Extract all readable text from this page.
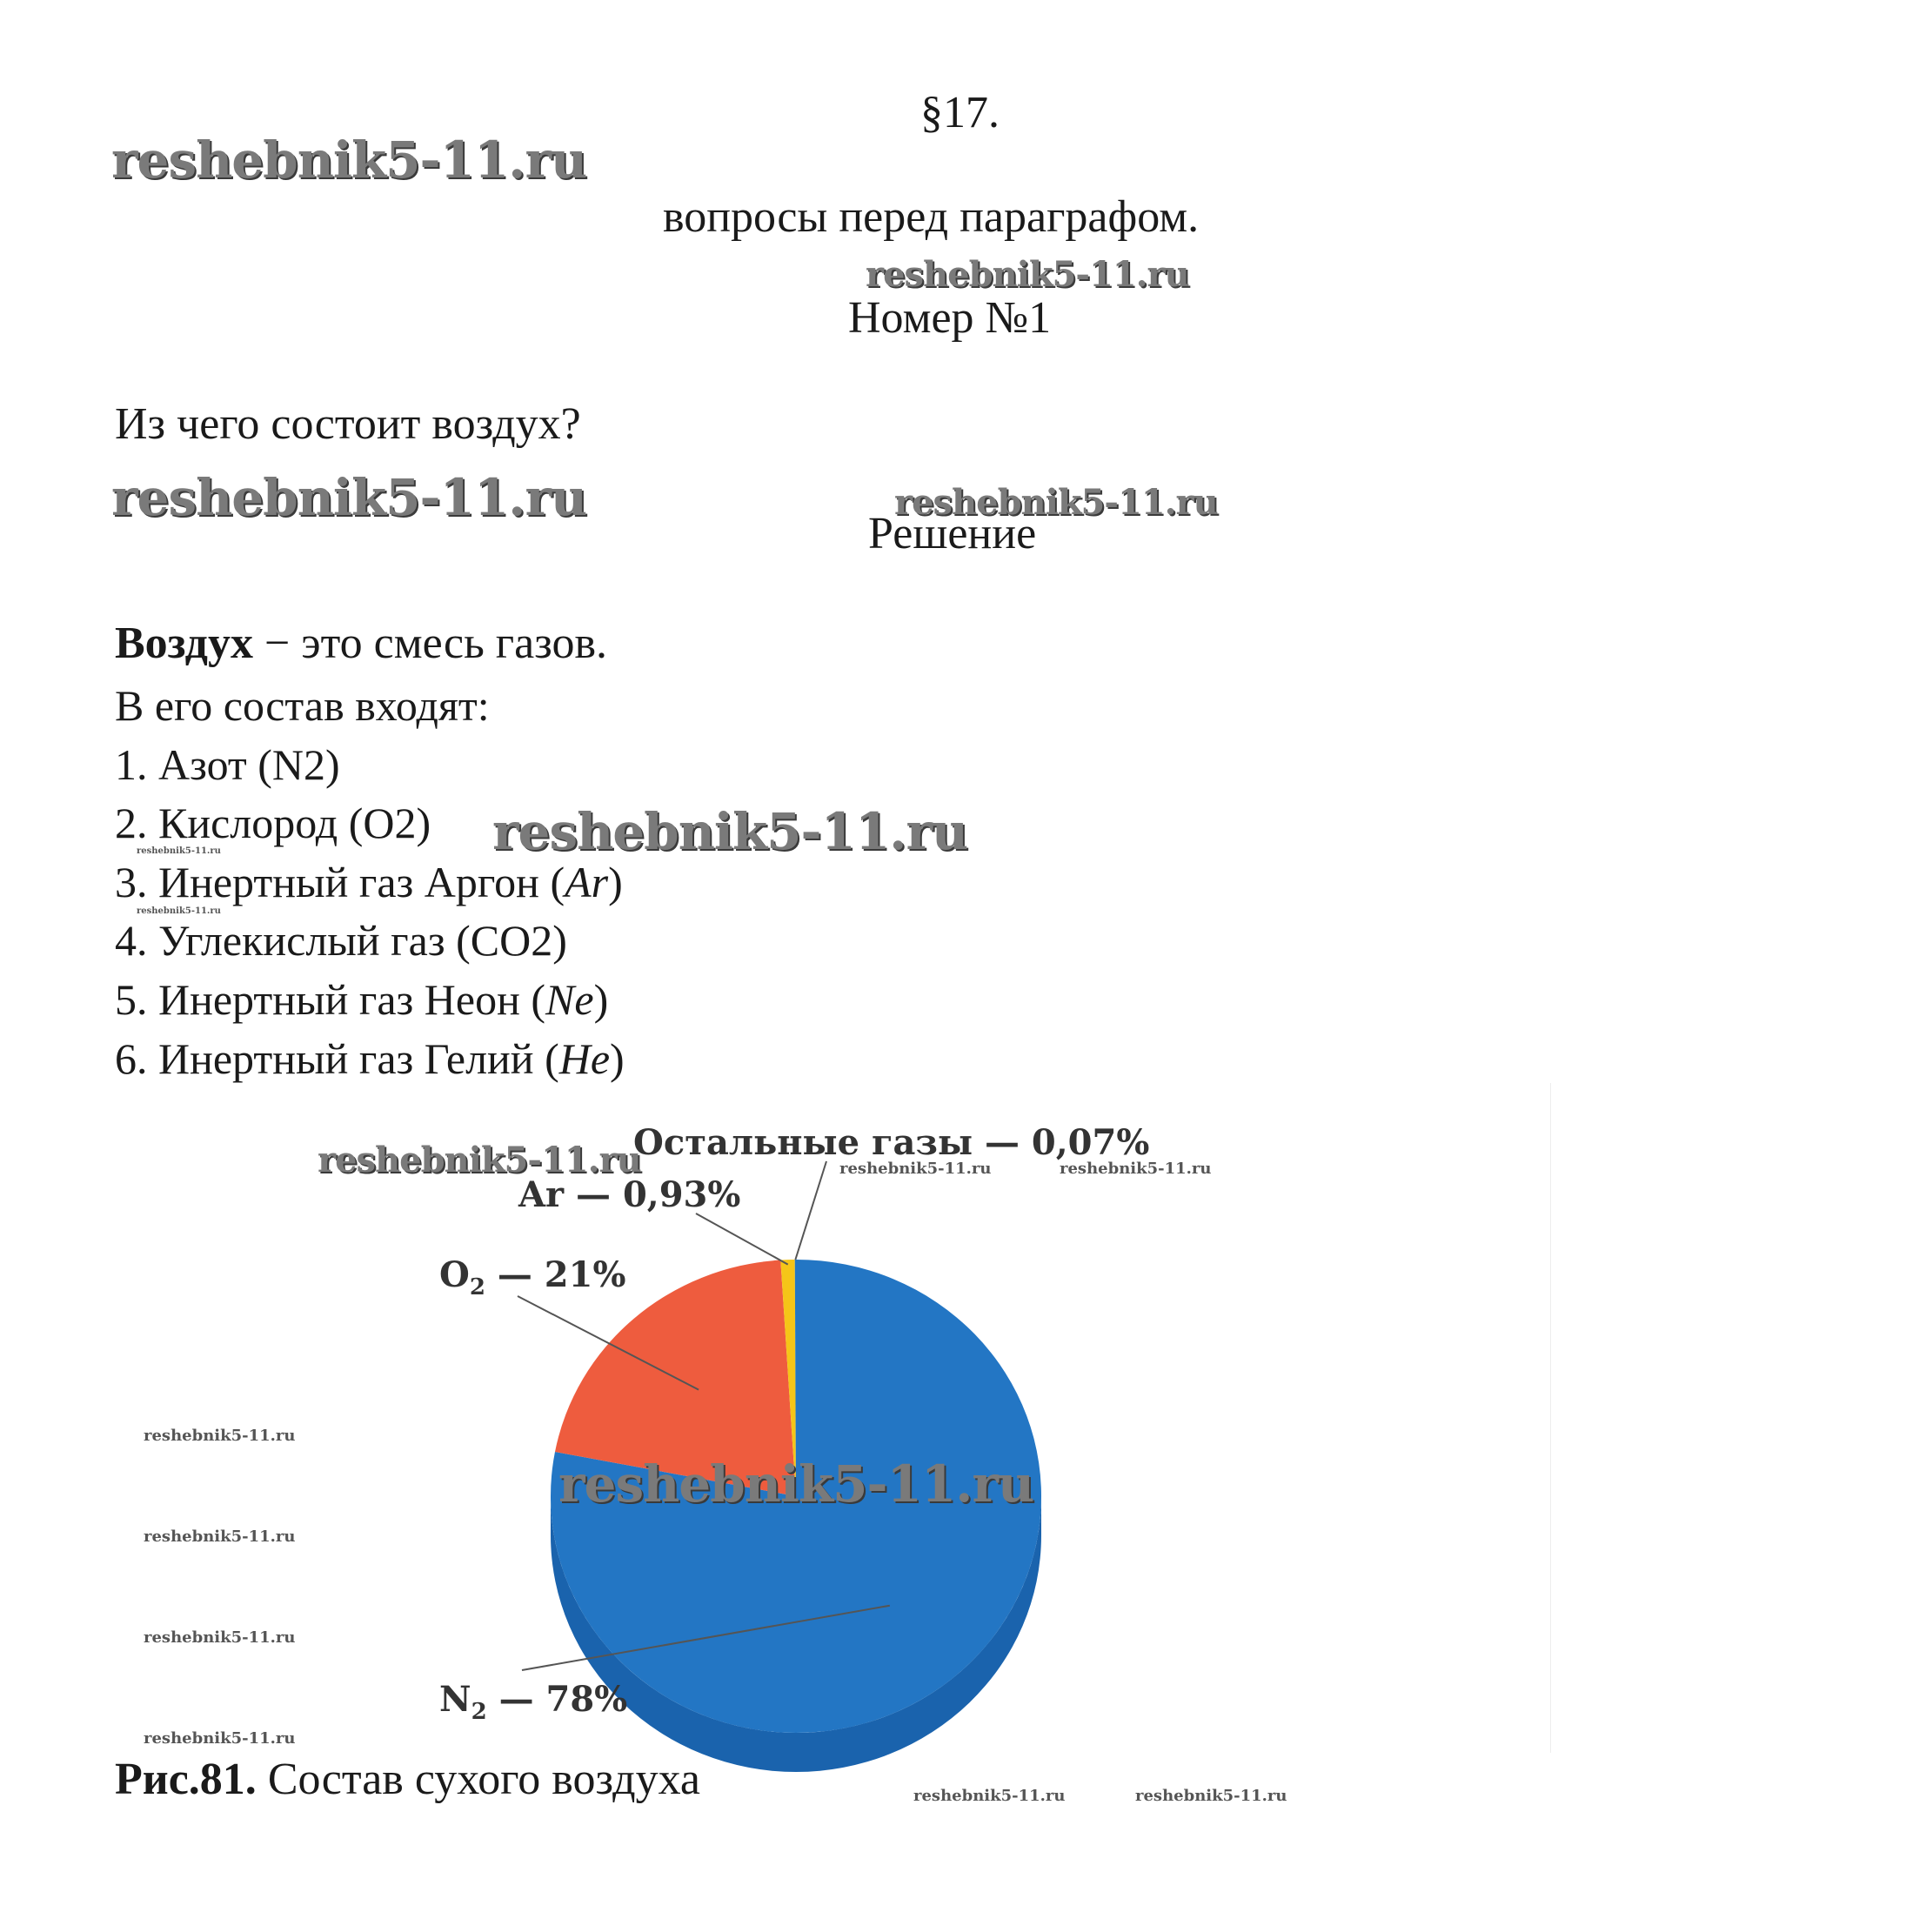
§17.
reshebnik5-11.ru
вопросы перед параграфом.
reshebnik5-11.ru
Номер №1
Из чего состоит воздух?
reshebnik5-11.ru	reshebnik5-11.ru
Решение
Воздух − это смесь газов.
В его состав входят:
1. Азот (N2)
2. Кислород (O2) reshebnik5-11.ru
reshebnik5-11.ru
3. Инертный газ Аргон (Ar)
reshebnik5-11.ru
4. Углекислый газ (CO2)
5. Инертный газ Неон (Ne)
6. Инертный газ Гелий (He)
reshebnik5-11.ru
Остальные газы — 0,07%
reshebnik5-11.ru	reshebnik5-11.ru
Ar — 0,93%
$O_2$ — 21%
$N_2$ — 78%
reshebnik5-11.ru
reshebnik5-11.ru
reshebnik5-11.ru
reshebnik5-11.ru
reshebnik5-11.ru
Рис.81. Состав сухого воздуха	reshebnik5-11.ru	reshebnik5-11.ru
